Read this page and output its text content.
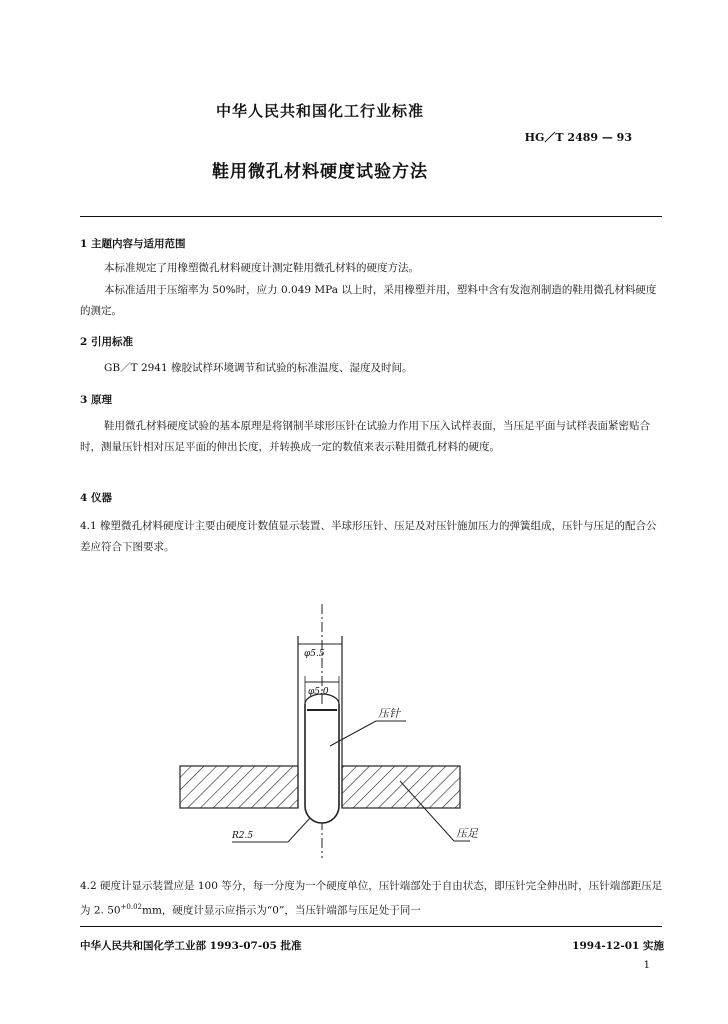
中华人民共和国化工行业标准
HG／T 2489 — 93
鞋用微孔材料硬度试验方法
1 主题内容与适用范围
本标准规定了用橡塑微孔材料硬度计测定鞋用微孔材料的硬度方法。
本标准适用于压缩率为 50%时，应力 0.049 MPa 以上时，采用橡塑并用，塑料中含有发泡剂制造的鞋用微孔材料硬度的测定。
2 引用标准
GB／T 2941 橡胶试样环境调节和试验的标准温度、湿度及时间。
3 原理
鞋用微孔材料硬度试验的基本原理是将钢制半球形压针在试验力作用下压入试样表面，当压足平面与试样表面紧密贴合时，测量压针相对压足平面的伸出长度，并转换成一定的数值来表示鞋用微孔材料的硬度。
4 仪器
4.1 橡塑微孔材料硬度计主要由硬度计数值显示装置、半球形压针、压足及对压针施加压力的弹簧组成，压针与压足的配合公差应符合下图要求。
φ5.5
φ5.0
压针
压足
R2.5
4.2 硬度计显示装置应是 100 等分，每一分度为一个硬度单位，压针端部处于自由状态，即压针完全伸出时，压针端部距压足为 2. $50^{+0.02}mm$，硬度计显示应指示为“0”，当压针端部与压足处于同一
中华人民共和国化学工业部 1993-07-05 批准	1994-12-01 实施
1
